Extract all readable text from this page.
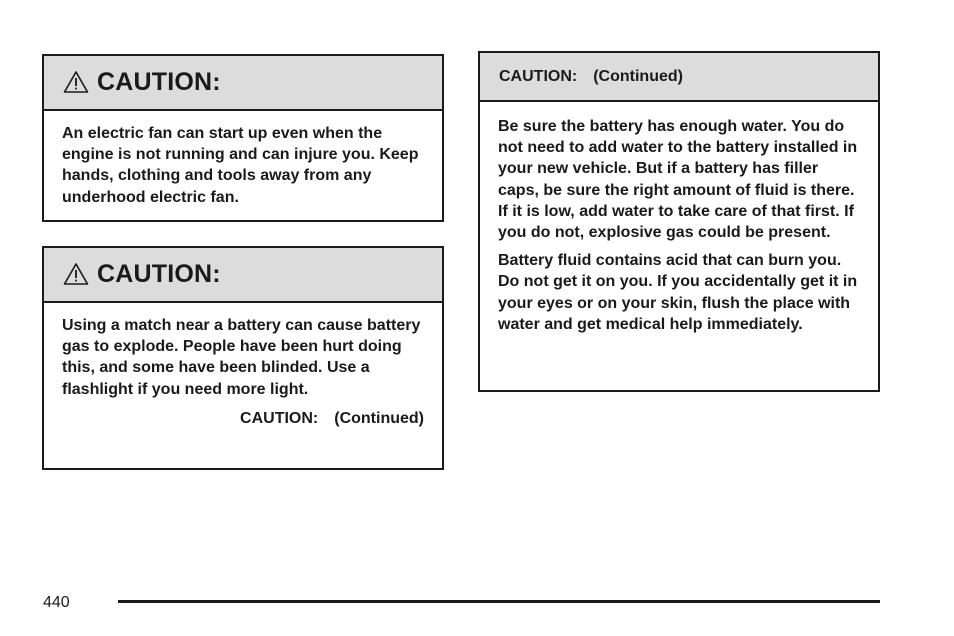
CAUTION:

An electric fan can start up even when the engine is not running and can injure you. Keep hands, clothing and tools away from any underhood electric fan.

CAUTION:

Using a match near a battery can cause battery gas to explode. People have been hurt doing this, and some have been blinded. Use a flashlight if you need more light.

CAUTION: (Continued)
CAUTION: (Continued)

Be sure the battery has enough water. You do not need to add water to the battery installed in your new vehicle. But if a battery has filler caps, be sure the right amount of fluid is there. If it is low, add water to take care of that first. If you do not, explosive gas could be present.

Battery fluid contains acid that can burn you. Do not get it on you. If you accidentally get it in your eyes or on your skin, flush the place with water and get medical help immediately.

440
